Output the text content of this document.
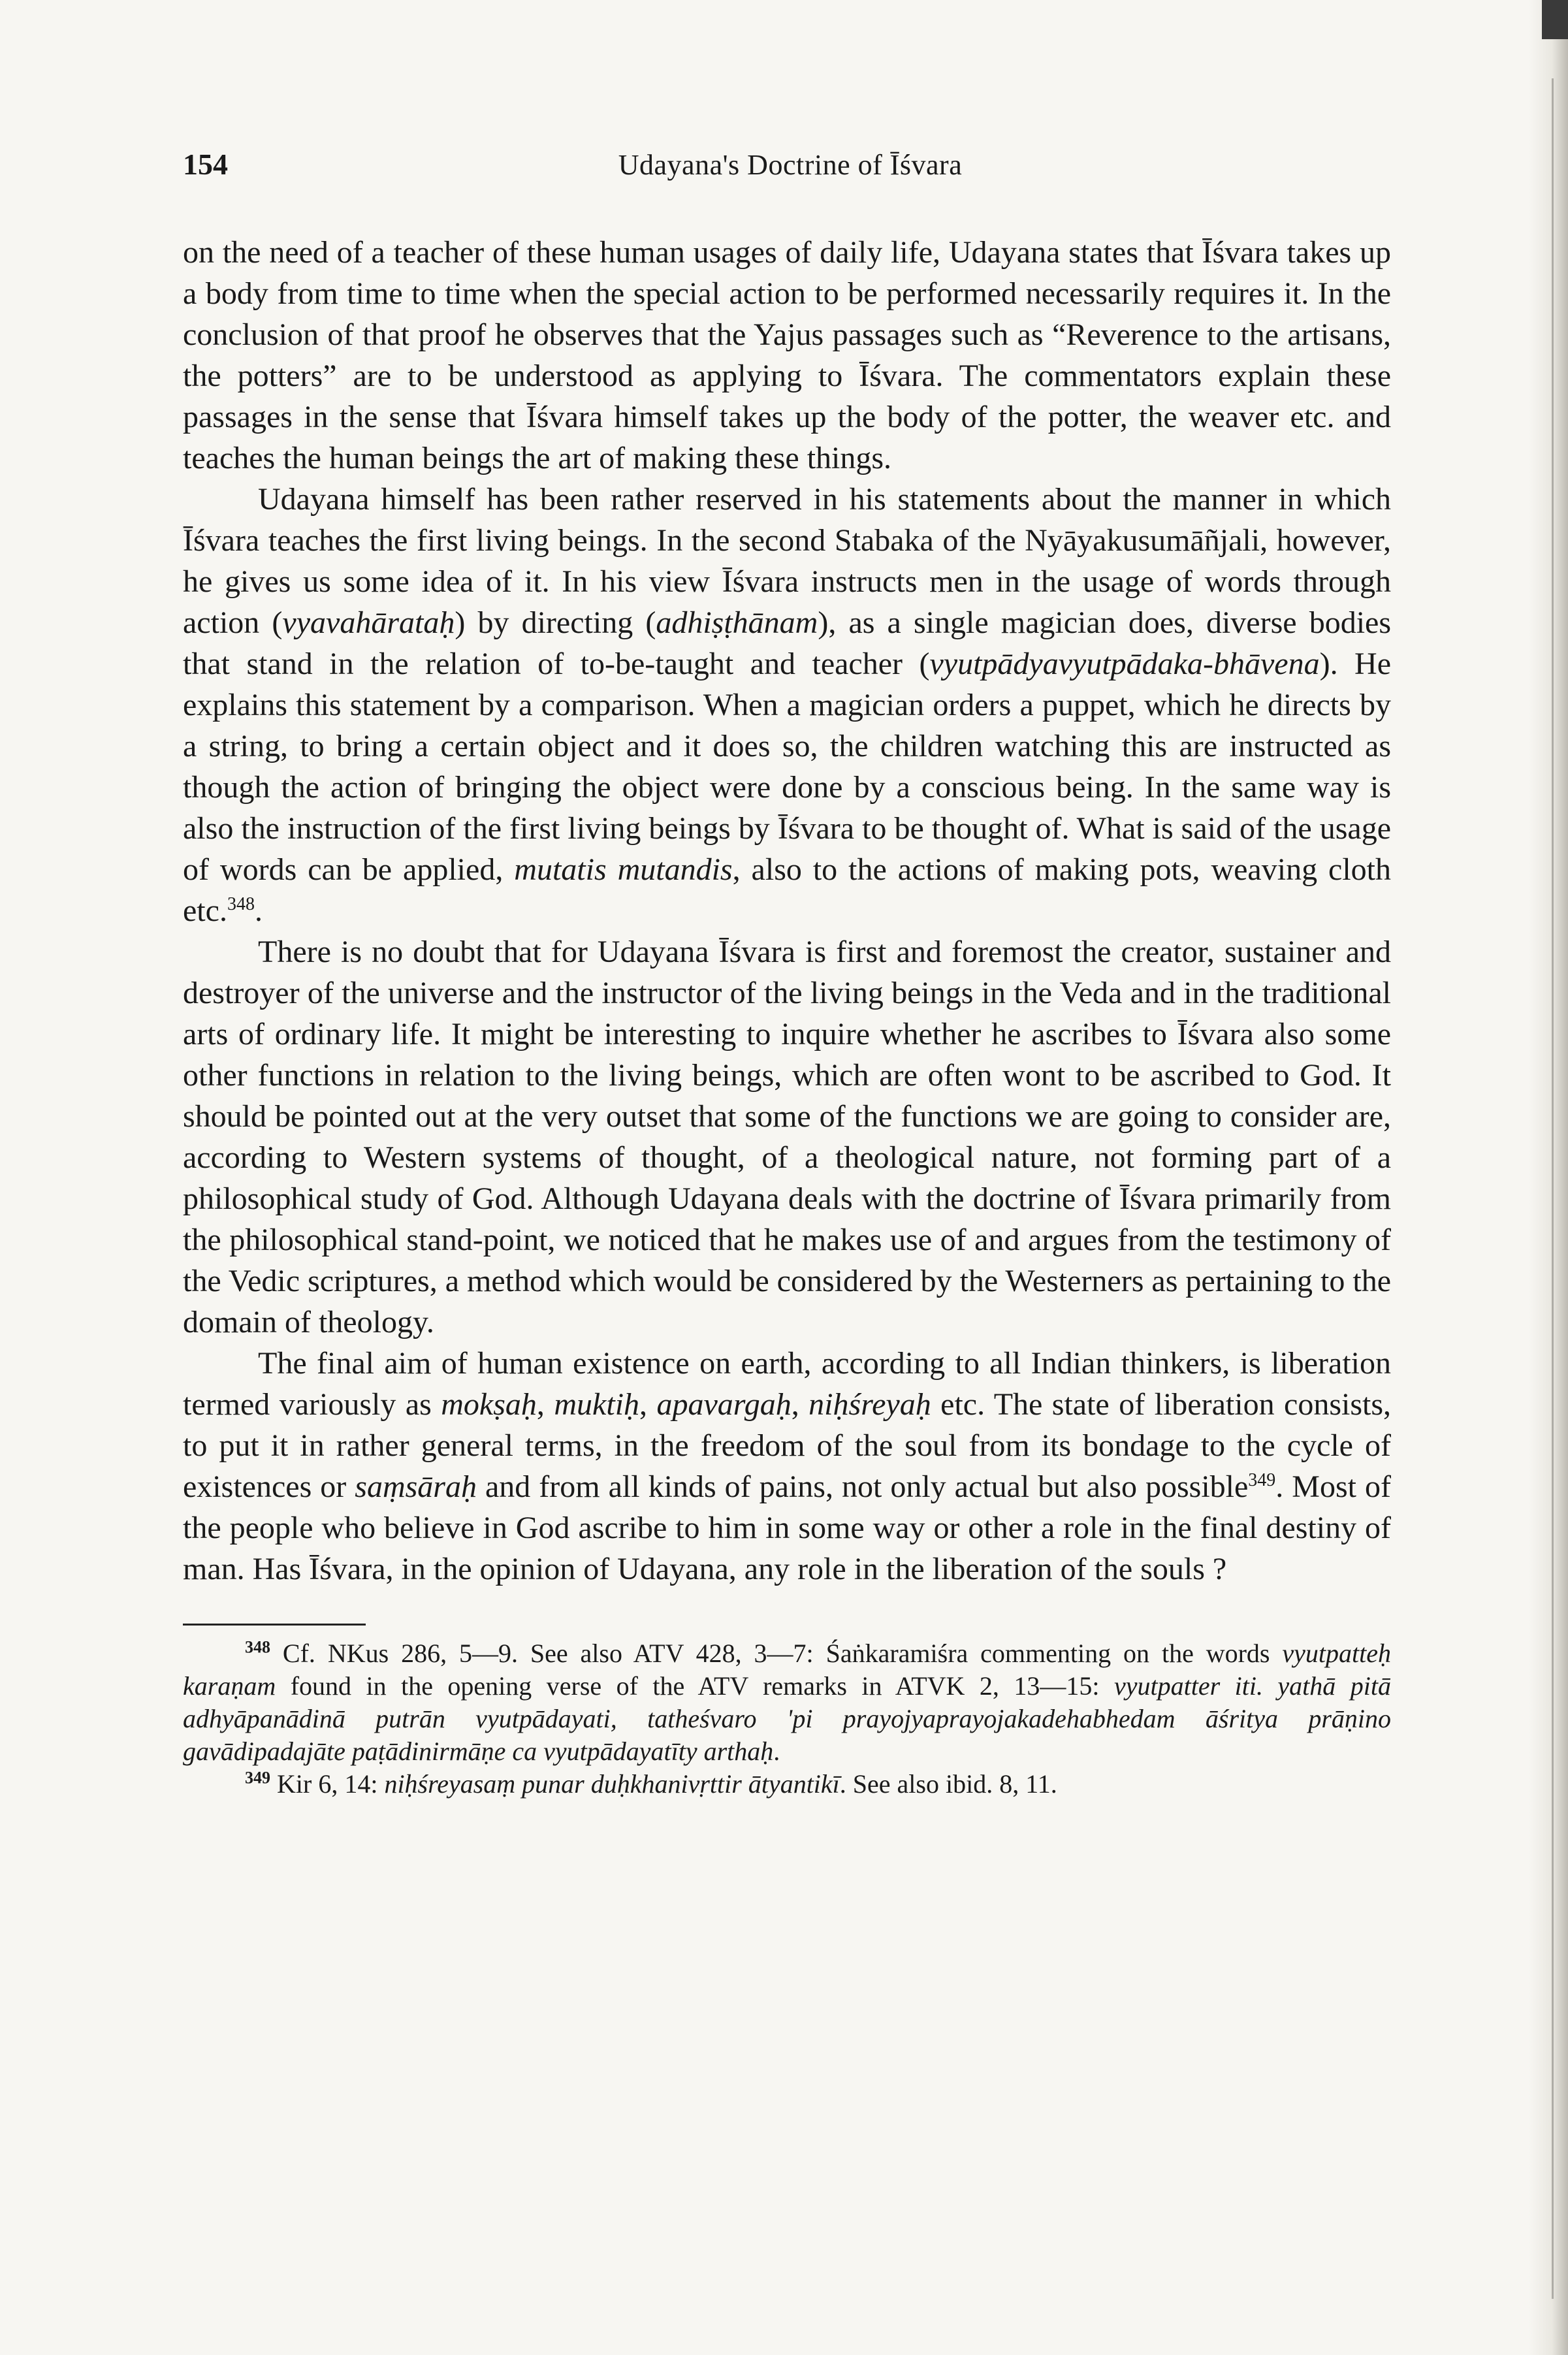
154	Udayana's Doctrine of Īśvara

on the need of a teacher of these human usages of daily life, Udayana states that Īśvara takes up a body from time to time when the special action to be performed necessarily requires it. In the conclusion of that proof he observes that the Yajus passages such as “Reverence to the artisans, the potters” are to be understood as applying to Īśvara. The commentators explain these passages in the sense that Īśvara himself takes up the body of the potter, the weaver etc. and teaches the human beings the art of making these things.

Udayana himself has been rather reserved in his statements about the manner in which Īśvara teaches the first living beings. In the second Stabaka of the Nyāyakusumāñjali, however, he gives us some idea of it. In his view Īśvara instructs men in the usage of words through action (vyavahārataḥ) by directing (adhiṣṭhānam), as a single magician does, diverse bodies that stand in the relation of to-be-taught and teacher (vyutpādyavyutpādaka-bhāvena). He explains this statement by a comparison. When a magician orders a puppet, which he directs by a string, to bring a certain object and it does so, the children watching this are instructed as though the action of bringing the object were done by a conscious being. In the same way is also the instruction of the first living beings by Īśvara to be thought of. What is said of the usage of words can be applied, mutatis mutandis, also to the actions of making pots, weaving cloth etc.$^{348}$.

There is no doubt that for Udayana Īśvara is first and foremost the creator, sustainer and destroyer of the universe and the instructor of the living beings in the Veda and in the traditional arts of ordinary life. It might be interesting to inquire whether he ascribes to Īśvara also some other functions in relation to the living beings, which are often wont to be ascribed to God. It should be pointed out at the very outset that some of the functions we are going to consider are, according to Western systems of thought, of a theological nature, not forming part of a philosophical study of God. Although Udayana deals with the doctrine of Īśvara primarily from the philosophical stand-point, we noticed that he makes use of and argues from the testimony of the Vedic scriptures, a method which would be considered by the Westerners as pertaining to the domain of theology.

The final aim of human existence on earth, according to all Indian thinkers, is liberation termed variously as mokṣaḥ, muktiḥ, apavargaḥ, niḥśreyaḥ etc. The state of liberation consists, to put it in rather general terms, in the freedom of the soul from its bondage to the cycle of existences or saṃsāraḥ and from all kinds of pains, not only actual but also possible$^{349}$. Most of the people who believe in God ascribe to him in some way or other a role in the final destiny of man. Has Īśvara, in the opinion of Udayana, any role in the liberation of the souls ?

$^{348}$ Cf. NKus 286, 5—9. See also ATV 428, 3—7: Śaṅkaramiśra commenting on the words vyutpatteḥ karaṇam found in the opening verse of the ATV remarks in ATVK 2, 13—15: vyutpatter iti. yathā pitā adhyāpanādinā putrān vyutpādayati, tatheśvaro 'pi prayojyaprayojakadehabhedam āśritya prāṇino gavādipadajāte paṭādinirmāṇe ca vyutpādayatīty arthaḥ.

$^{349}$ Kir 6, 14: niḥśreyasaṃ punar duḥkhanivṛttir ātyantikī. See also ibid. 8, 11.
